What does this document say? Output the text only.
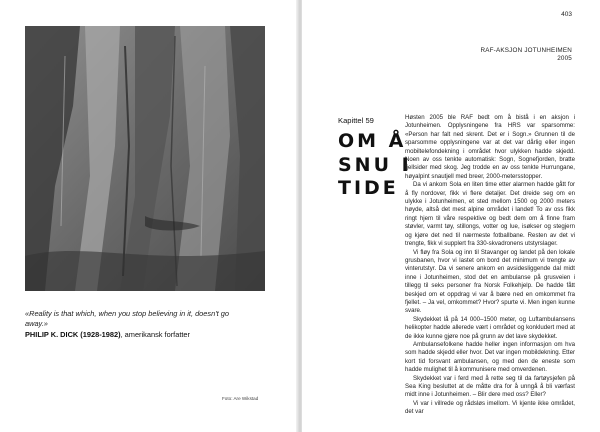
«Reality is that which, when you stop believing in it, doesn't go away.»
PHILIP K. DICK (1928-1982), amerikansk forfatter
Foto: Are Wikstad
403
RAF-AKSJON JOTUNHEIMEN
2005
Kapittel 59
OM Å
SNU I
TIDE

Høsten 2005 ble RAF bedt om å bistå i en aksjon i Jotunheimen. Opplysningene fra HRS var sparsomme: «Person har falt ned skrent. Det er i Sogn.» Grunnen til de sparsomme opplysningene var at det var dårlig eller ingen mobiltelefondekning i området hvor ulykken hadde skjedd. Noen av oss tenkte automatisk: Sogn, Sognefjorden, bratte fjellsider med skog. Jeg trodde en av oss tenkte Hurrungane, høyalpint snautjell med breer, 2000-metersstopper.

Da vi ankom Sola en liten time etter alarmen hadde gått for å fly nordover, fikk vi flere detaljer. Det dreide seg om en ulykke i Jotunheimen, et sted mellom 1500 og 2000 meters høyde, altså det mest alpine området i landet! To av oss fikk ringt hjem til våre respektive og bedt dem om å finne fram støvler, varmt tøy, stillongs, votter og lue, isøkser og stegjern og kjøre det ned til nærmeste fotballbane. Resten av det vi trengte, fikk vi supplert fra 330-skvadronens utstyrslager.

Vi fløy fra Sola og inn til Stavanger og landet på den lokale grusbanen, hvor vi lastet om bord det minimum vi trengte av vinterutstyr. Da vi senere ankom en avsidesliggende dal midt inne i Jotunheimen, stod det en ambulanse på grusveien i tillegg til seks personer fra Norsk Folkehjelp. De hadde fått beskjed om et oppdrag vi var å bære ned en omkommet fra fjellet. – Ja vel, omkommet? Hvor? spurte vi. Men ingen kunne svare.

Skydekket lå på 14 000–1500 meter, og Luftambulansens helikopter hadde allerede vært i området og konkludert med at de ikke kunne gjøre noe på grunn av det lave skydekket.

Ambulansefolkene hadde heller ingen informasjon om hva som hadde skjedd eller hvor. Det var ingen mobildekning. Etter kort tid forsvant ambulansen, og med den de eneste som hadde mulighet til å kommunisere med omverdenen.

Skydekket var i ferd med å rette seg til da fartøysjefen på Sea King besluttet at de måtte dra for å unngå å bli værfast midt inne i Jotunheimen. – Blir dere med oss? Eller?

Vi var i villrede og rådsløs imellom. Vi kjente ikke området, det var
